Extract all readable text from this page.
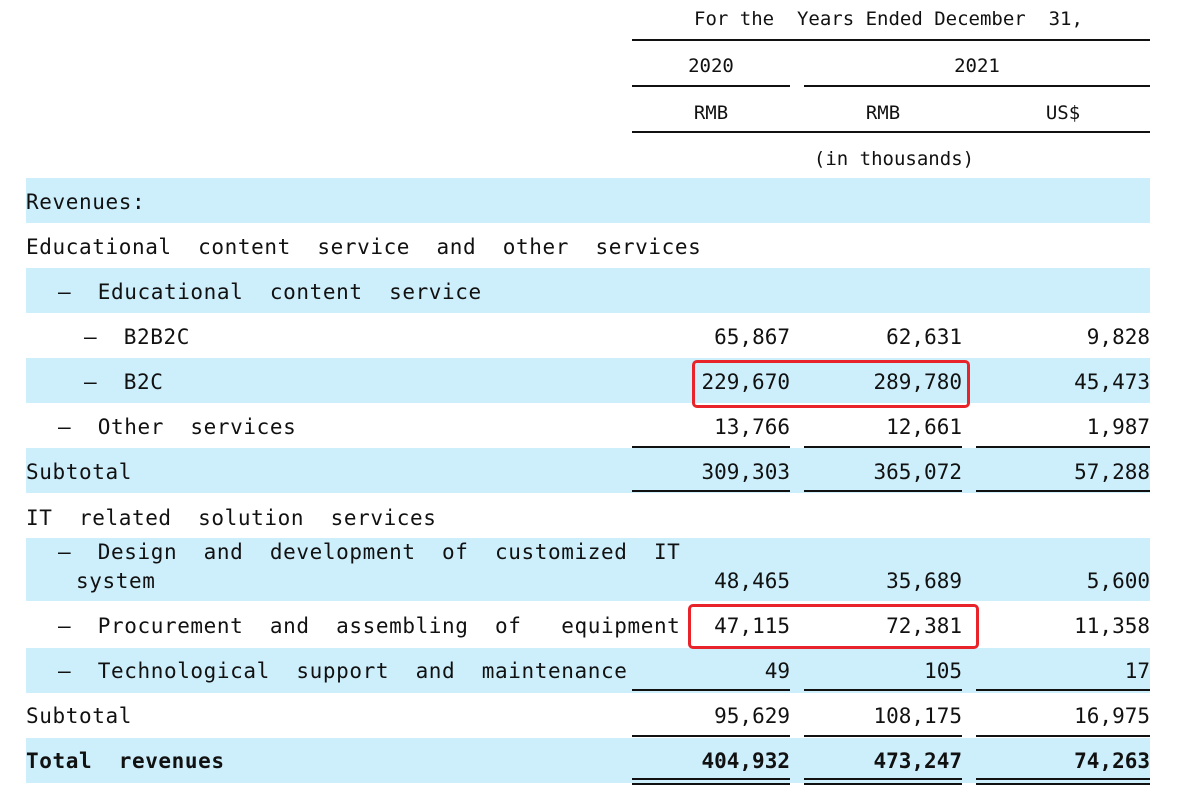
For the  Years Ended December  31,
2020	2021
RMB	RMB	US$
(in thousands)
Revenues:
Educational  content  service  and  other  services
–  Educational  content  service
–  B2B2C	65,867	62,631	9,828
–  B2C	229,670	289,780	45,473
–  Other  services	13,766	12,661	1,987
Subtotal	309,303	365,072	57,288
IT  related  solution  services
–  Design  and  development  of  customized  IT
system	48,465	35,689	5,600
–  Procurement  and  assembling  of   equipment	47,115	72,381	11,358
–  Technological  support  and  maintenance	49	105	17
Subtotal	95,629	108,175	16,975
Total  revenues	404,932	473,247	74,263
